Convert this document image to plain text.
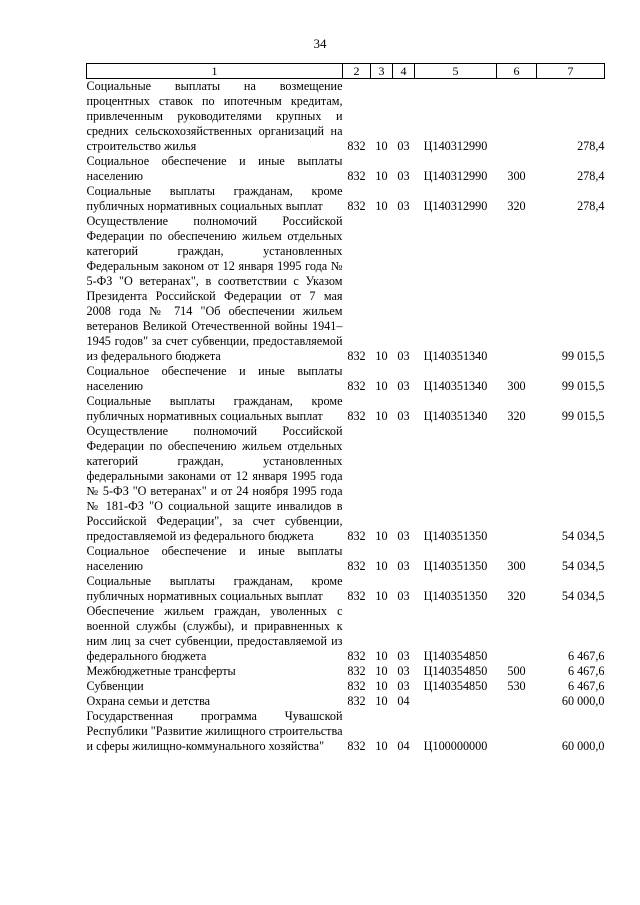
34
1	2	3	4	5	6	7
Социальные выплаты на возмещение процентных ставок по ипотечным кредитам, привлеченным руководителями крупных и средних сельскохозяйственных организаций на строительство жилья	832	10	03	Ц140312990		278,4
Социальное обеспечение и иные выплаты населению	832	10	03	Ц140312990	300	278,4
Социальные выплаты гражданам, кроме публичных нормативных социальных выплат	832	10	03	Ц140312990	320	278,4
Осуществление полномочий Российской Федерации по обеспечению жильем отдельных категорий граждан, установленных Федеральным законом от 12 января 1995 года № 5-ФЗ "О ветеранах", в соответствии с Указом Президента Российской Федерации от 7 мая 2008 года № 714 "Об обеспечении жильем ветеранов Великой Отечественной войны 1941–1945 годов" за счет субвенции, предоставляемой из федерального бюджета	832	10	03	Ц140351340		99 015,5
Социальное обеспечение и иные выплаты населению	832	10	03	Ц140351340	300	99 015,5
Социальные выплаты гражданам, кроме публичных нормативных социальных выплат	832	10	03	Ц140351340	320	99 015,5
Осуществление полномочий Российской Федерации по обеспечению жильем отдельных категорий граждан, установленных федеральными законами от 12 января 1995 года № 5-ФЗ "О ветеранах" и от 24 ноября 1995 года № 181-ФЗ "О социальной защите инвалидов в Российской Федерации", за счет субвенции, предоставляемой из федерального бюджета	832	10	03	Ц140351350		54 034,5
Социальное обеспечение и иные выплаты населению	832	10	03	Ц140351350	300	54 034,5
Социальные выплаты гражданам, кроме публичных нормативных социальных выплат	832	10	03	Ц140351350	320	54 034,5
Обеспечение жильем граждан, уволенных с военной службы (службы), и приравненных к ним лиц за счет субвенции, предоставляемой из федерального бюджета	832	10	03	Ц140354850		6 467,6
Межбюджетные трансферты	832	10	03	Ц140354850	500	6 467,6
Субвенции	832	10	03	Ц140354850	530	6 467,6
Охрана семьи и детства	832	10	04			60 000,0
Государственная программа Чувашской Республики "Развитие жилищного строительства и сферы жилищно-коммунального хозяйства"	832	10	04	Ц100000000		60 000,0
